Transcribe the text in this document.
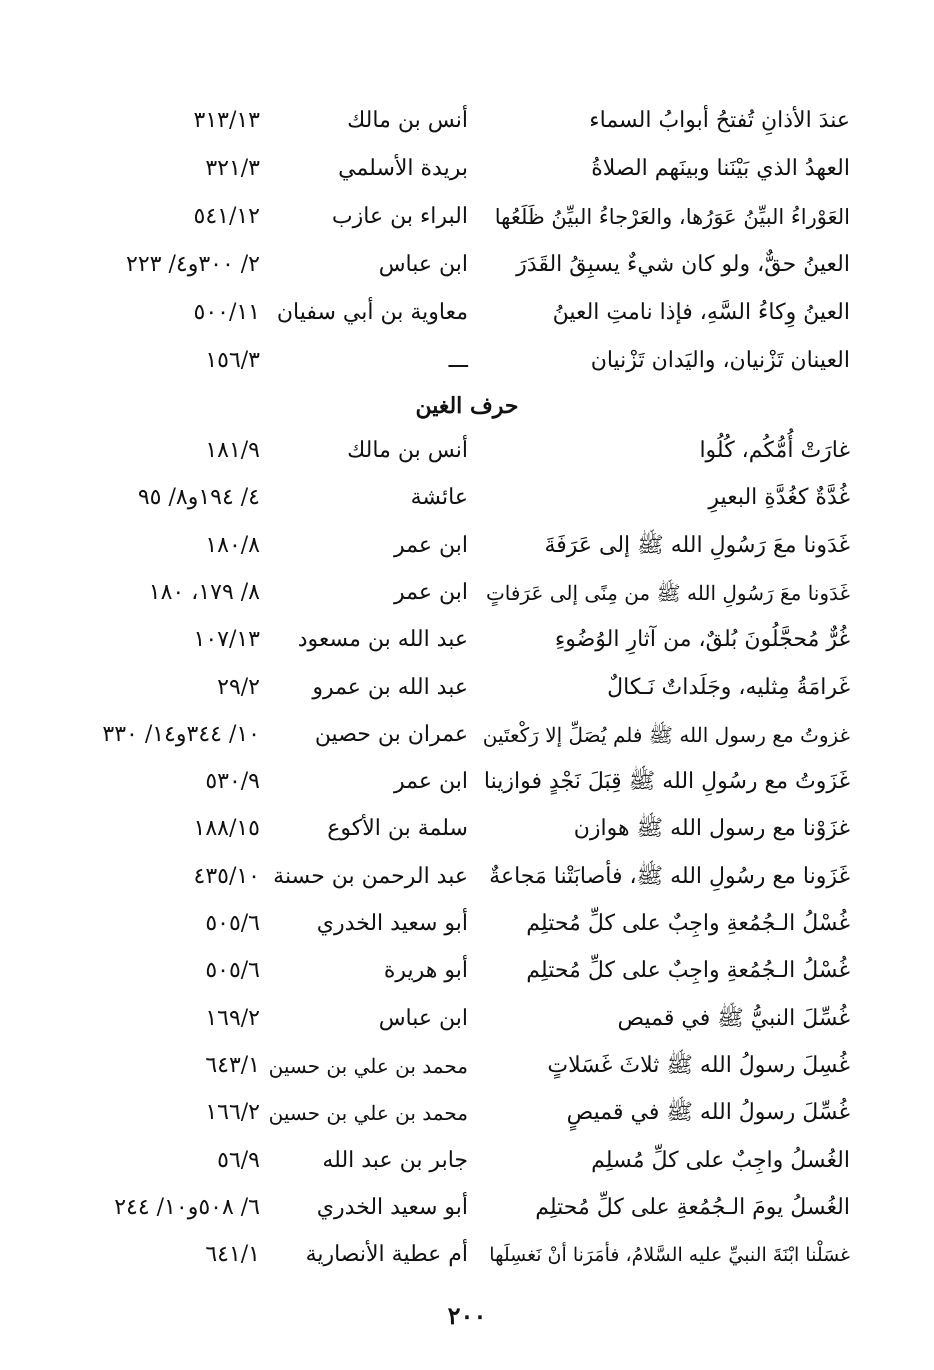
عندَ الأذانِ تُفتحُ أبوابُ السماء
أنس بن مالك
٣١٣/١٣
العهدُ الذي بَيْنَنا وبينَهم الصلاةُ
بريدة الأسلمي
٣٢١/٣
العَوْراءُ البيِّنُ عَوَرُها، والعَرْجاءُ البيِّنُ ظَلَعُها
البراء بن عازب
٥٤١/١٢
العينُ حقٌّ، ولو كان شيءٌ يسبِقُ القَدَرَ
ابن عباس
٢/ ٣٠٠و٤/ ٢٢٣
العينُ وِكاءُ السَّهِ، فإذا نامتِ العينُ
معاوية بن أبي سفيان
٥٠٠/١١
العينان تَزْنيان، واليَدان تَزْنيان
ـــ
١٥٦/٣
حرف الغين
غارَتْ أُمُّكُم، كُلُوا
أنس بن مالك
١٨١/٩
غُدَّةٌ كغُدَّةِ البعيرِ
عائشة
٤/ ١٩٤و٨/ ٩٥
غَدَونا معَ رَسُولِ الله ﷺ إلى عَرَفَةَ
ابن عمر
١٨٠/٨
غَدَونا معَ رَسُولِ الله ﷺ من مِنًى إلى عَرَفاتٍ
ابن عمر
٨/ ١٧٩، ١٨٠
غُرٌّ مُحجَّلُونَ بُلقٌ، من آثارِ الوُضُوءِ
عبد الله بن مسعود
١٠٧/١٣
غَرامَةُ مِثليه، وجَلَداتٌ نَـكالٌ
عبد الله بن عمرو
٢٩/٢
غزوتُ مع رسول الله ﷺ فلم يُصَلِّ إلا رَكْعتَين
عمران بن حصين
١٠/ ٣٤٤و١٤/ ٣٣٠
غَزَوتُ مع رسُولِ الله ﷺ قِبَلَ نَجْدٍ فوازينا
ابن عمر
٥٣٠/٩
غزَوْنا مع رسول الله ﷺ هوازن
سلمة بن الأكوع
١٨٨/١٥
غَزَونا مع رسُولِ الله ﷺ، فأصابَتْنا مَجاعةٌ
عبد الرحمن بن حسنة
٤٣٥/١٠
غُسْلُ الـجُمُعةِ واجِبٌ على كلِّ مُحتلِم
أبو سعيد الخدري
٥٠٥/٦
غُسْلُ الـجُمُعةِ واجِبٌ على كلِّ مُحتلِم
أبو هريرة
٥٠٥/٦
غُسِّلَ النبيُّ ﷺ في قميص
ابن عباس
١٦٩/٢
غُسِلَ رسولُ الله ﷺ ثلاثَ غَسَلاتٍ
محمد بن علي بن حسين
٦٤٣/١
غُسِّلَ رسولُ الله ﷺ في قميصٍ
محمد بن علي بن حسين
١٦٦/٢
الغُسلُ واجِبٌ على كلِّ مُسلِم
جابر بن عبد الله
٥٦/٩
الغُسلُ يومَ الـجُمُعةِ على كلِّ مُحتلِم
أبو سعيد الخدري
٦/ ٥٠٨و١٠/ ٢٤٤
غسَلْنا ابْنَةَ النبيِّ عليه السَّلامُ، فأمَرَنا أنْ نَغسِلَها
أم عطية الأنصارية
٦٤١/١
٢٠٠
